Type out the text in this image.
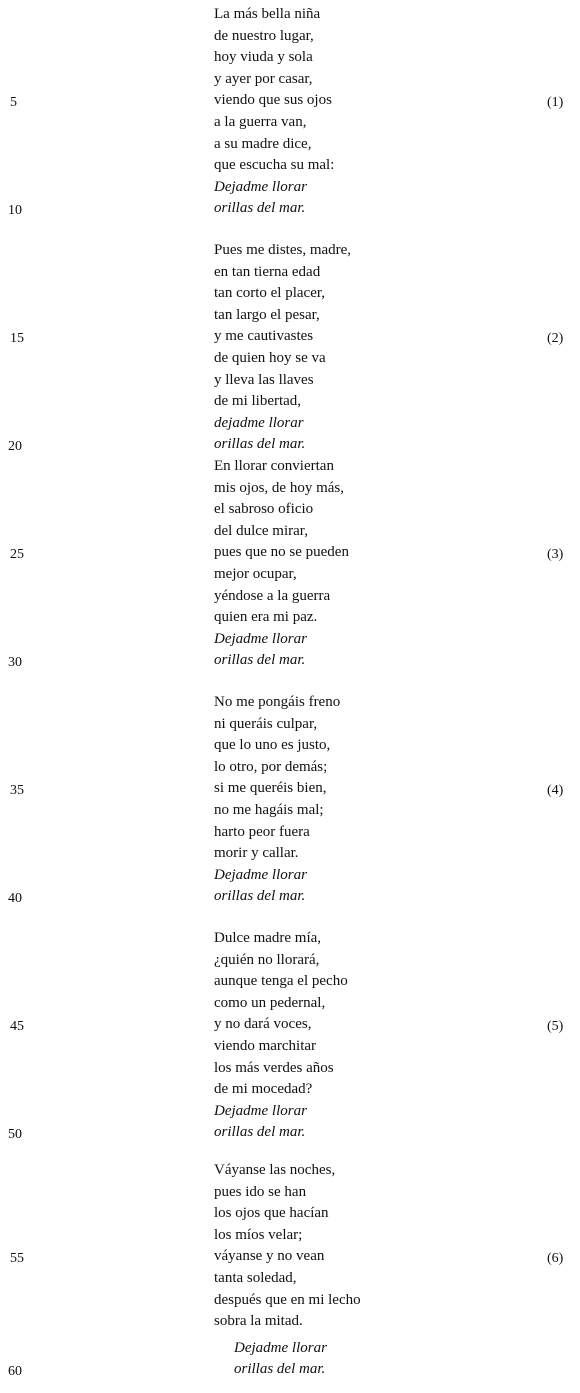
La más bella niña
de nuestro lugar,
hoy viuda y sola
y ayer por casar,
viendo que sus ojos
a la guerra van,
a su madre dice,
que escucha su mal:
Dejadme llorar
orillas del mar.
Pues me distes, madre,
en tan tierna edad
tan corto el placer,
tan largo el pesar,
y me cautivastes
de quien hoy se va
y lleva las llaves
de mi libertad,
dejadme llorar
orillas del mar.
En llorar conviertan
mis ojos, de hoy más,
el sabroso oficio
del dulce mirar,
pues que no se pueden
mejor ocupar,
yéndose a la guerra
quien era mi paz.
Dejadme llorar
orillas del mar.
No me pongáis freno
ni queráis culpar,
que lo uno es justo,
lo otro, por demás;
si me queréis bien,
no me hagáis mal;
harto peor fuera
morir y callar.
Dejadme llorar
orillas del mar.
Dulce madre mía,
¿quién no llorará,
aunque tenga el pecho
como un pedernal,
y no dará voces,
viendo marchitar
los más verdes años
de mi mocedad?
Dejadme llorar
orillas del mar.
Váyanse las noches,
pues ido se han
los ojos que hacían
los míos velar;
váyanse y no vean
tanta soledad,
después que en mi lecho
sobra la mitad.
Dejadme llorar
orillas del mar.
5
10
15
20
25
30
35
40
45
50
55
60
(1)
(2)
(3)
(4)
(5)
(6)
